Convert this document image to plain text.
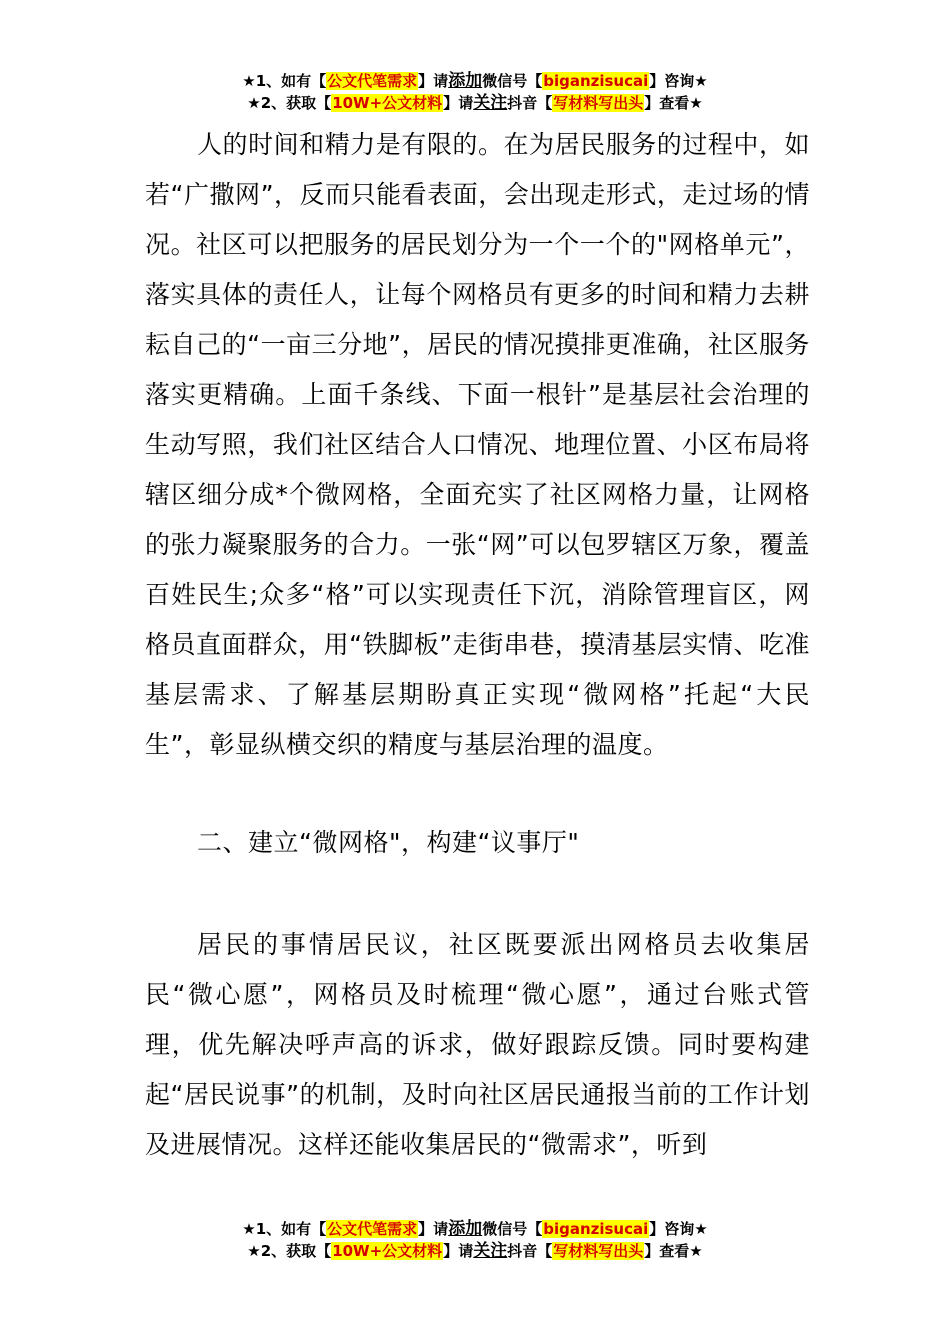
★1、如有【公文代笔需求】请添加微信号【biganzisucai】咨询★
★2、获取【10W+公文材料】请关注抖音【写材料写出头】查看★

人的时间和精力是有限的。在为居民服务的过程中，如若“广撒网”，反而只能看表面，会出现走形式，走过场的情况。社区可以把服务的居民划分为一个一个的"网格单元”，落实具体的责任人，让每个网格员有更多的时间和精力去耕耘自己的“一亩三分地”，居民的情况摸排更准确，社区服务落实更精确。上面千条线、下面一根针”是基层社会治理的生动写照，我们社区结合人口情况、地理位置、小区布局将辖区细分成*个微网格，全面充实了社区网格力量，让网格的张力凝聚服务的合力。一张“网”可以包罗辖区万象，覆盖百姓民生;众多“格”可以实现责任下沉，消除管理盲区，网格员直面群众，用“铁脚板”走街串巷，摸清基层实情、吃准基层需求、了解基层期盼真正实现“微网格”托起“大民生”，彰显纵横交织的精度与基层治理的温度。

二、建立“微网格"，构建“议事厅"

居民的事情居民议，社区既要派出网格员去收集居民“微心愿”，网格员及时梳理“微心愿”，通过台账式管理，优先解决呼声高的诉求，做好跟踪反馈。同时要构建起“居民说事”的机制，及时向社区居民通报当前的工作计划及进展情况。这样还能收集居民的“微需求”，听到

★1、如有【公文代笔需求】请添加微信号【biganzisucai】咨询★
★2、获取【10W+公文材料】请关注抖音【写材料写出头】查看★
